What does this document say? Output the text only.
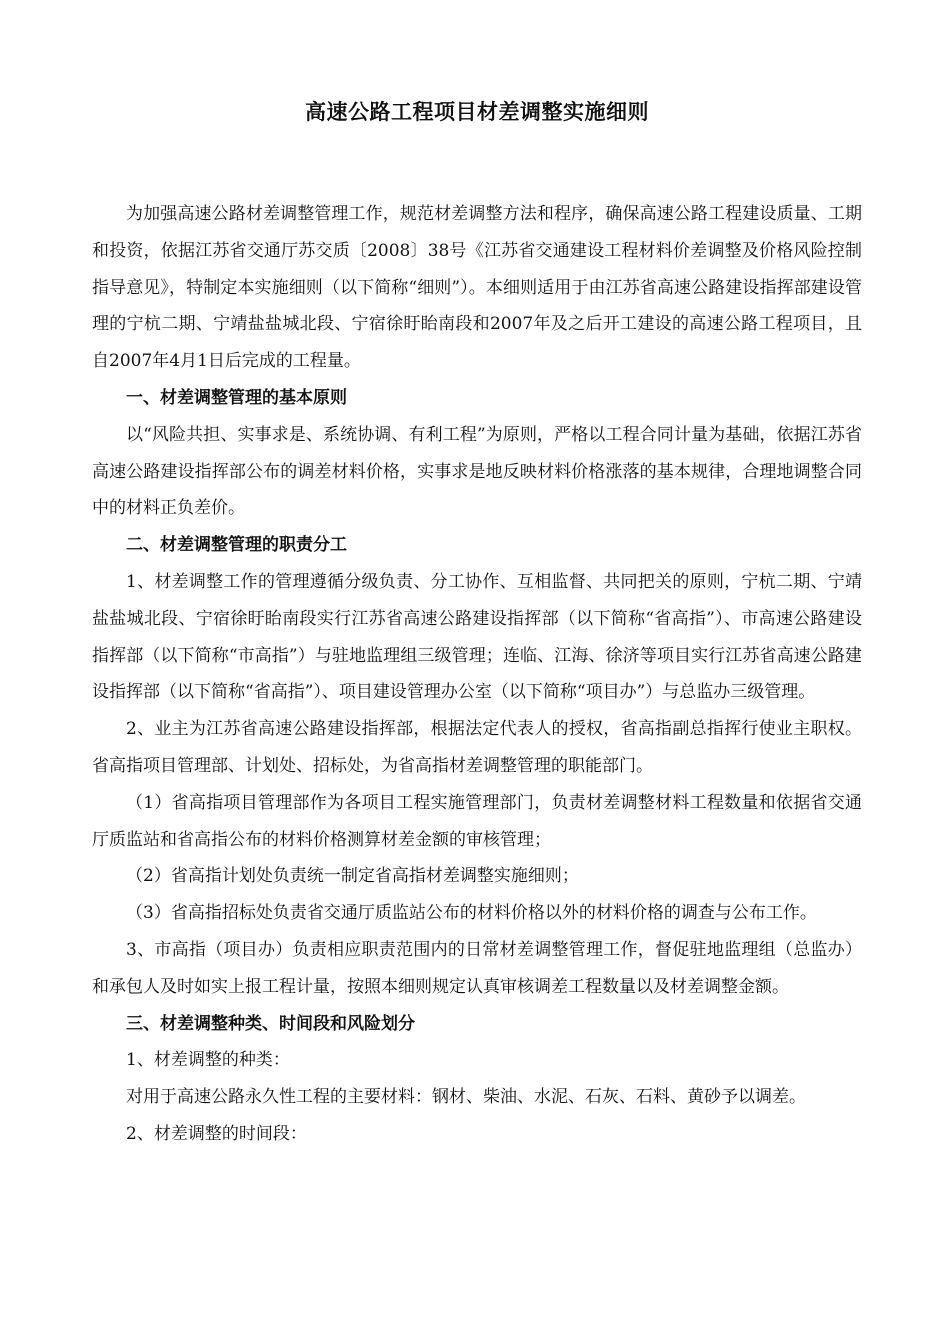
高速公路工程项目材差调整实施细则

为加强高速公路材差调整管理工作，规范材差调整方法和程序，确保高速公路工程建设质量、工期和投资，依据江苏省交通厅苏交质〔2008〕38号《江苏省交通建设工程材料价差调整及价格风险控制指导意见》，特制定本实施细则（以下简称“细则”）。本细则适用于由江苏省高速公路建设指挥部建设管理的宁杭二期、宁靖盐盐城北段、宁宿徐盱眙南段和2007年及之后开工建设的高速公路工程项目，且自2007年4月1日后完成的工程量。

一、材差调整管理的基本原则

以“风险共担、实事求是、系统协调、有利工程”为原则，严格以工程合同计量为基础，依据江苏省高速公路建设指挥部公布的调差材料价格，实事求是地反映材料价格涨落的基本规律，合理地调整合同中的材料正负差价。

二、材差调整管理的职责分工

1、材差调整工作的管理遵循分级负责、分工协作、互相监督、共同把关的原则，宁杭二期、宁靖盐盐城北段、宁宿徐盱眙南段实行江苏省高速公路建设指挥部（以下简称“省高指”）、市高速公路建设指挥部（以下简称“市高指”）与驻地监理组三级管理；连临、江海、徐济等项目实行江苏省高速公路建设指挥部（以下简称“省高指”）、项目建设管理办公室（以下简称“项目办”）与总监办三级管理。

2、业主为江苏省高速公路建设指挥部，根据法定代表人的授权，省高指副总指挥行使业主职权。省高指项目管理部、计划处、招标处，为省高指材差调整管理的职能部门。

（1）省高指项目管理部作为各项目工程实施管理部门，负责材差调整材料工程数量和依据省交通厅质监站和省高指公布的材料价格测算材差金额的审核管理；

（2）省高指计划处负责统一制定省高指材差调整实施细则；

（3）省高指招标处负责省交通厅质监站公布的材料价格以外的材料价格的调查与公布工作。

3、市高指（项目办）负责相应职责范围内的日常材差调整管理工作，督促驻地监理组（总监办）和承包人及时如实上报工程计量，按照本细则规定认真审核调差工程数量以及材差调整金额。

三、材差调整种类、时间段和风险划分

1、材差调整的种类：

对用于高速公路永久性工程的主要材料：钢材、柴油、水泥、石灰、石料、黄砂予以调差。

2、材差调整的时间段：
